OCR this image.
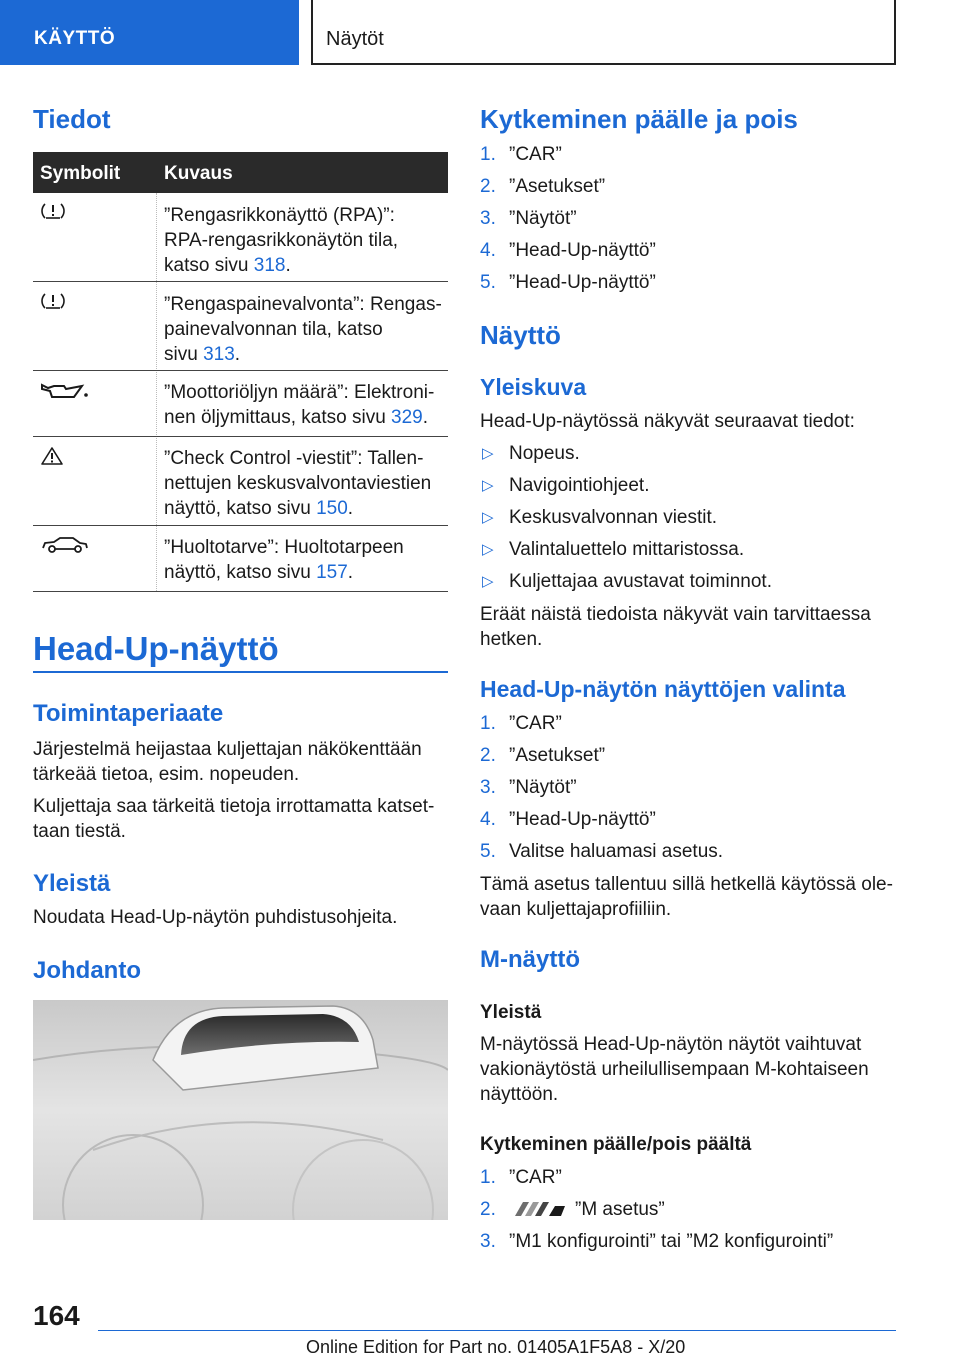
KÄYTTÖ	Näytöt
Tiedot
Symbolit Kuvaus
”Rengasrikkonäyttö (RPA)”:
RPA-rengasrikkonäytön tila,
katso sivu 318.
”Rengaspainevalvonta”: Rengas-
painevalvonnan tila, katso
sivu 313.
”Moottoriöljyn määrä”: Elektroni-
nen öljymittaus, katso sivu 329.
”Check Control -viestit”: Tallen-
nettujen keskusvalvontaviestien
näyttö, katso sivu 150.
”Huoltotarve”: Huoltotarpeen
näyttö, katso sivu 157.
Head-Up-näyttö
Toimintaperiaate
Järjestelmä heijastaa kuljettajan näkökenttään
tärkeää tietoa, esim. nopeuden.
Kuljettaja saa tärkeitä tietoja irrottamatta katset-
taan tiestä.
Yleistä
Noudata Head-Up-näytön puhdistusohjeita.
Johdanto
Kytkeminen päälle ja pois
1. ”CAR”
2. ”Asetukset”
3. ”Näytöt”
4. ”Head-Up-näyttö”
5. ”Head-Up-näyttö”
Näyttö
Yleiskuva
Head-Up-näytössä näkyvät seuraavat tiedot:
▷ Nopeus.
▷ Navigointiohjeet.
▷ Keskusvalvonnan viestit.
▷ Valintaluettelo mittaristossa.
▷ Kuljettajaa avustavat toiminnot.
Eräät näistä tiedoista näkyvät vain tarvittaessa
hetken.
Head-Up-näytön näyttöjen valinta
1. ”CAR”
2. ”Asetukset”
3. ”Näytöt”
4. ”Head-Up-näyttö”
5. Valitse haluamasi asetus.
Tämä asetus tallentuu sillä hetkellä käytössä ole-
vaan kuljettajaprofiiliin.
M-näyttö
Yleistä
M-näytössä Head-Up-näytön näytöt vaihtuvat
vakionäytöstä urheilullisempaan M-kohtaiseen
näyttöön.
Kytkeminen päälle/pois päältä
1. ”CAR”
2.	”M asetus”
3. ”M1 konfigurointi” tai ”M2 konfigurointi”
164
Online Edition for Part no. 01405A1F5A8 - X/20
